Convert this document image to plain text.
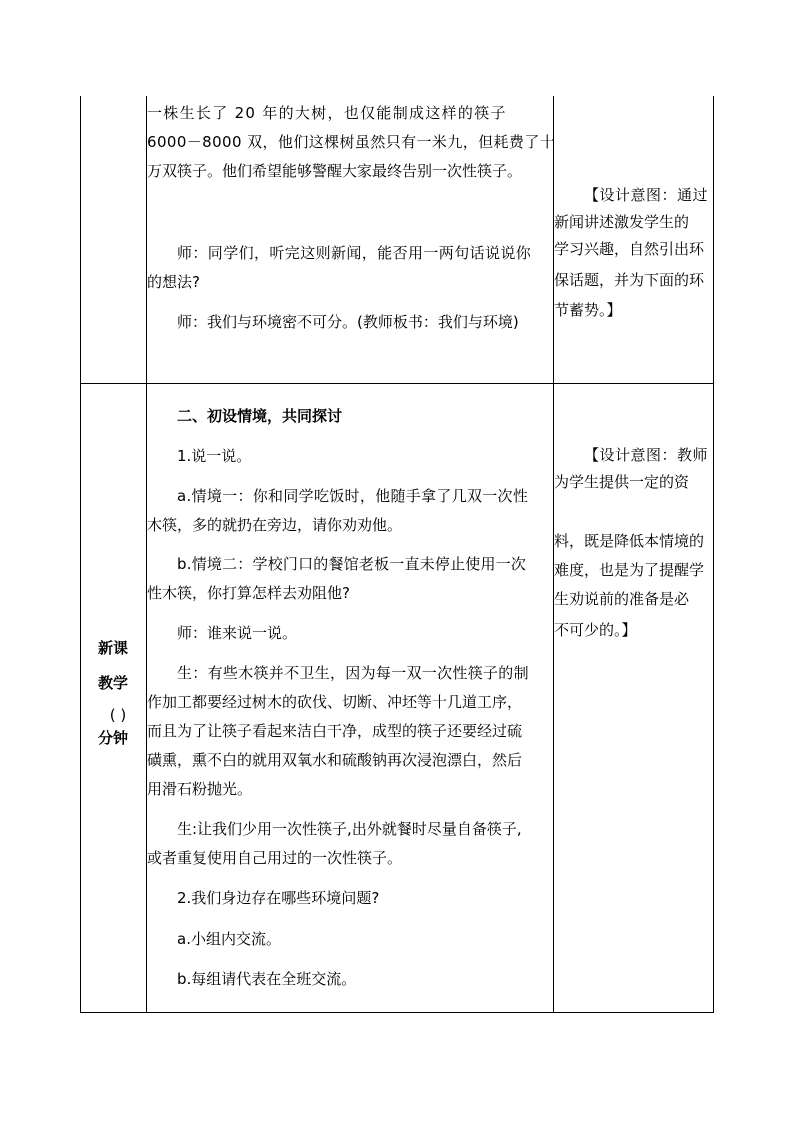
一株生长了 20 年的大树，也仅能制成这样的筷子
6000－8000 双，他们这棵树虽然只有一米九，但耗费了十
万双筷子。他们希望能够警醒大家最终告别一次性筷子。
师：同学们，听完这则新闻，能否用一两句话说说你
的想法?
师：我们与环境密不可分。(教师板书：我们与环境)
【设计意图：通过
新闻讲述激发学生的
学习兴趣，自然引出环
保话题，并为下面的环
节蓄势。】
新课
教学
( )
分钟
二、初设情境，共同探讨
1.说一说。
a.情境一：你和同学吃饭时，他随手拿了几双一次性
木筷，多的就扔在旁边，请你劝劝他。
b.情境二：学校门口的餐馆老板一直未停止使用一次
性木筷，你打算怎样去劝阻他?
师：谁来说一说。
生：有些木筷并不卫生，因为每一双一次性筷子的制
作加工都要经过树木的砍伐、切断、冲坯等十几道工序，
而且为了让筷子看起来洁白干净，成型的筷子还要经过硫
磺熏，熏不白的就用双氧水和硫酸钠再次浸泡漂白，然后
用滑石粉抛光。
生:让我们少用一次性筷子,出外就餐时尽量自备筷子,
或者重复使用自己用过的一次性筷子。
2.我们身边存在哪些环境问题?
a.小组内交流。
b.每组请代表在全班交流。
【设计意图：教师
为学生提供一定的资
料，既是降低本情境的
难度，也是为了提醒学
生劝说前的准备是必
不可少的。】
